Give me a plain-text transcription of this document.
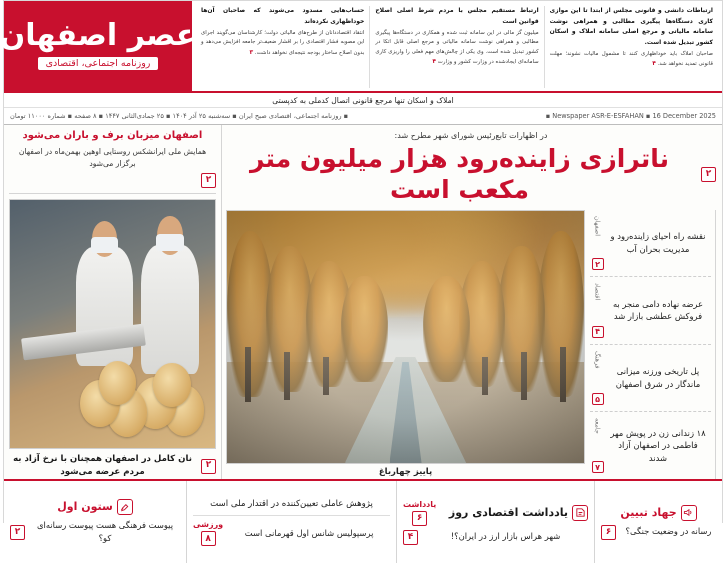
ارتباطات دانشی و قانونی مجلس از ابتدا تا این موازی کاری دستگاه‌ها پیگیری مطالبی و همراهی نوشت سامانه مالیاتی و مرجع اصلی سامانه املاک و اسکان کشور تبدیل شده است.
صاحبان املاک باید خوداظهاری کنند تا مشمول مالیات نشوند؛ مهلت قانونی تمدید نخواهد شد. ۴
ارتباط مستقیم مجلس با مردم شرط اصلی اصلاح قوانین است
میلیون گز مالی در این سامانه ثبت شده و همکاری در دستگاه‌ها پیگیری مطالبی و همراهی نوشت سامانه مالیاتی و مرجع اصلی قابل اتکا در کشور تبدیل شده است. وی یکی از چالش‌های مهم فعلی را واریزی کاری سامانه‌ای ایجادشده در وزارت کشور و وزارت ۴
حساب‌هایی مسدود می‌شوند که صاحبان آن‌ها خوداظهاری نکرده‌اند
انتقاد اقتصاددانان از طرح‌های مالیاتی دولت؛ کارشناسان می‌گویند اجرای این مصوبه فشار اقتصادی را بر اقشار ضعیف‌تر جامعه افزایش می‌دهد و بدون اصلاح ساختار بودجه نتیجه‌ای نخواهد داشت. ۳
عصر اصفهان
روزنامه اجتماعی، اقتصادی
املاک و اسکان تنها مرجع قانونی اتصال کدملی به کدپستی
▪ Newspaper ASR-E-ESFAHAN ▪ 16 December 2025
▪ روزنامه اجتماعی، اقتصادی صبح ایران ▪ سه‌شنبه ۲۵ آذر ۱۴۰۴ ▪ ۲۵ جمادی‌الثانی ۱۴۴۷ ▪ ۸ صفحه ▪ شماره ۱۱۰۰۰ تومان
در اظهارات تابع‌رئیس شورای شهر مطرح شد:
۲
ناترازی زاینده‌رود هزار میلیون متر مکعب است
نقشه راه احیای زاینده‌رود و مدیریت بحران آب
اصفهان
۲
عرضه نهاده دامی منجر به فروکش عطشی بازار شد
اقتصاد
۴
پل تاریخی ورزنه میزانی ماندگار در شرق اصفهان
فرهنگ
۵
۱۸ زندانی زن در پویش مهر فاطمی در اصفهان آزاد شدند
جامعه
۷
پاییز چهارباغ
اصفهان میزبان برف و باران می‌شود
همایش ملی ایرانشکس روستایی اوهین بهمن‌ماه در اصفهان برگزار می‌شود
۲
۲
نان کامل در اصفهان همچنان با نرخ آزاد به مردم عرضه می‌شود
جهاد تبیین
رسانه در وضعیت جنگی؟
۶
یادداشت اقتصادی روز
یادداشت
۶
شهر هراس بازار ارز در ایران؟!
۴
پژوهش عاملی تعیین‌کننده در اقتدار ملی است
پرسپولیس شانس اول قهرمانی است
ورزشی
۸
ستون اول
پیوست فرهنگی هست پیوست رسانه‌ای کو؟
۲
